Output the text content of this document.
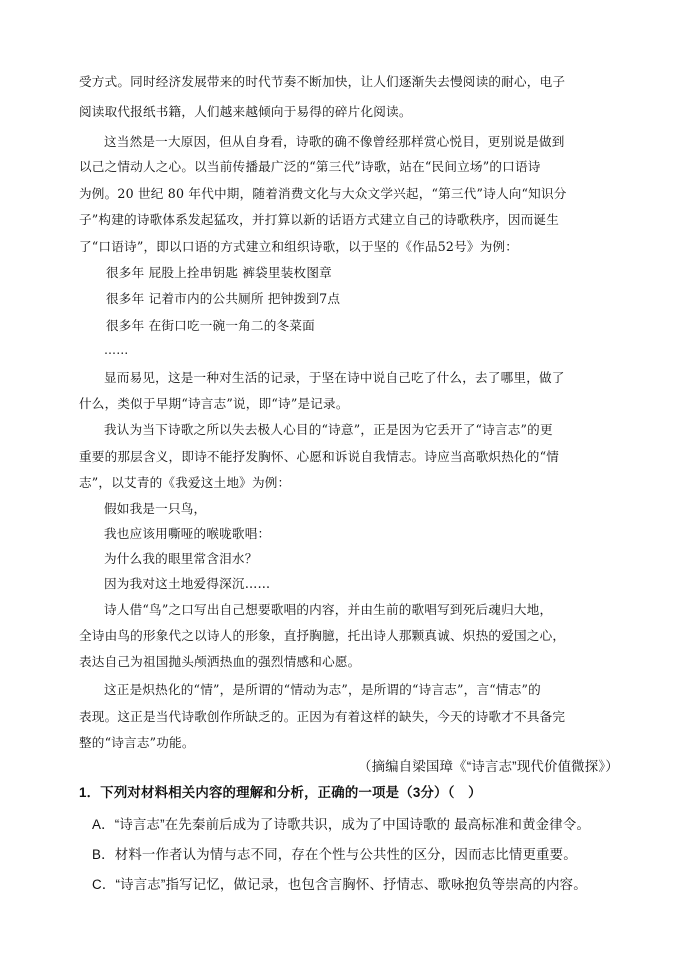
受方式。同时经济发展带来的时代节奏不断加快，让人们逐渐失去慢阅读的耐心，电子
阅读取代报纸书籍，人们越来越倾向于易得的碎片化阅读。
这当然是一大原因，但从自身看，诗歌的确不像曾经那样赏心悦目，更别说是做到
以己之情动人之心。以当前传播最广泛的“第三代”诗歌，站在“民间立场”的口语诗
为例。20 世纪 80 年代中期，随着消费文化与大众文学兴起，“第三代”诗人向“知识分
子”构建的诗歌体系发起猛攻，并打算以新的话语方式建立自己的诗歌秩序，因而诞生
了“口语诗”，即以口语的方式建立和组织诗歌，以于坚的《作品52号》为例：
很多年 屁股上拴串钥匙 裤袋里装枚图章
很多年 记着市内的公共厕所 把钟拨到7点
很多年 在街口吃一碗一角二的冬菜面
……
显而易见，这是一种对生活的记录，于坚在诗中说自己吃了什么，去了哪里，做了
什么，类似于早期“诗言志”说，即“诗”是记录。
我认为当下诗歌之所以失去极人心目的“诗意”，正是因为它丢开了“诗言志”的更
重要的那层含义，即诗不能抒发胸怀、心愿和诉说自我情志。诗应当高歌炽热化的“情
志”，以艾青的《我爱这土地》为例：
假如我是一只鸟，
我也应该用嘶哑的喉咙歌唱：
为什么我的眼里常含泪水？
因为我对这土地爱得深沉……
诗人借“鸟”之口写出自己想要歌唱的内容，并由生前的歌唱写到死后魂归大地，
全诗由鸟的形象代之以诗人的形象，直抒胸臆，托出诗人那颗真诚、炽热的爱国之心，
表达自己为祖国抛头颅洒热血的强烈情感和心愿。
这正是炽热化的“情”，是所谓的“情动为志”，是所谓的“诗言志”，言“情志”的
表现。这正是当代诗歌创作所缺乏的。正因为有着这样的缺失，今天的诗歌才不具备完
整的“诗言志”功能。
（摘编自梁国璋《“诗言志”现代价值微探》）
1．下列对材料相关内容的理解和分析，正确的一项是（3分）（　）
A．“诗言志”在先秦前后成为了诗歌共识，成为了中国诗歌的 最高标准和黄金律令。
B．材料一作者认为情与志不同，存在个性与公共性的区分，因而志比情更重要。
C．“诗言志”指写记忆，做记录，也包含言胸怀、抒情志、歌咏抱负等崇高的内容。
